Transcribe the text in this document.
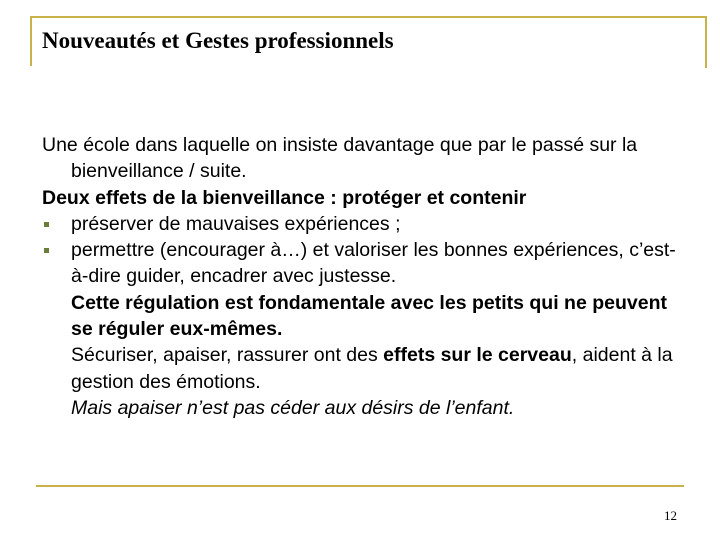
Nouveautés et Gestes professionnels

Une école dans laquelle on insiste davantage que par le passé sur la bienveillance / suite.

Deux effets de la bienveillance : protéger et contenir

préserver de mauvaises expériences ;
permettre (encourager à…) et valoriser les bonnes expériences, c’est-à-dire guider, encadrer avec justesse.

Cette régulation est fondamentale avec les petits qui ne peuvent se réguler eux-mêmes.

Sécuriser, apaiser, rassurer ont des effets sur le cerveau, aident à la gestion des émotions.

Mais apaiser n’est pas céder aux désirs de l’enfant.

12
